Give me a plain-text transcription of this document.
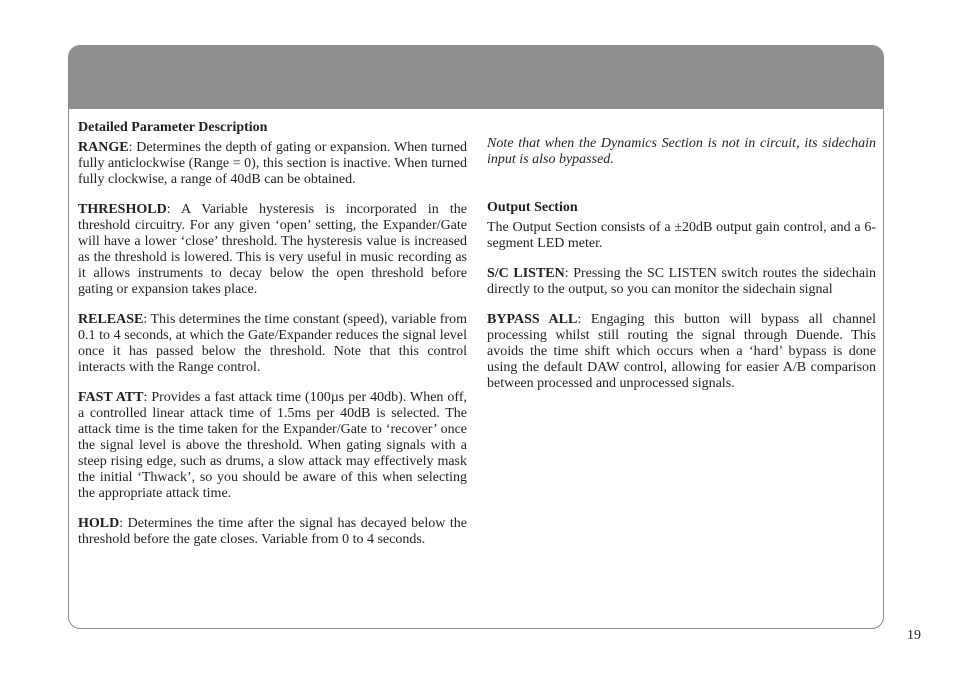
Detailed Parameter Description

RANGE: Determines the depth of gating or expansion. When turned fully anticlockwise (Range = 0), this section is inactive. When turned fully clockwise, a range of 40dB can be obtained.

THRESHOLD: A Variable hysteresis is incorporated in the threshold circuitry. For any given ‘open’ setting, the Expander/Gate will have a lower ‘close’ threshold. The hysteresis value is increased as the threshold is lowered. This is very useful in music recording as it allows instruments to decay below the open threshold before gating or expansion takes place.

RELEASE: This determines the time constant (speed), variable from 0.1 to 4 seconds, at which the Gate/Expander reduces the signal level once it has passed below the threshold. Note that this control interacts with the Range control.

FAST ATT: Provides a fast attack time (100µs per 40db). When off, a controlled linear attack time of 1.5ms per 40dB is selected. The attack time is the time taken for the Expander/Gate to ‘recover’ once the signal level is above the threshold. When gating signals with a steep rising edge, such as drums, a slow attack may effectively mask the initial ‘Thwack’, so you should be aware of this when selecting the appropriate attack time.

HOLD: Determines the time after the signal has decayed below the threshold before the gate closes. Variable from 0 to 4 seconds.

Note that when the Dynamics Section is not in circuit, its sidechain input is also bypassed.

Output Section

The Output Section consists of a ±20dB output gain control, and a 6-segment LED meter.

S/C LISTEN: Pressing the SC LISTEN switch routes the sidechain directly to the output, so you can monitor the sidechain signal

BYPASS ALL: Engaging this button will bypass all channel processing whilst still routing the signal through Duende. This avoids the time shift which occurs when a ‘hard’ bypass is done using the default DAW control, allowing for easier A/B comparison between processed and unprocessed signals.

19
